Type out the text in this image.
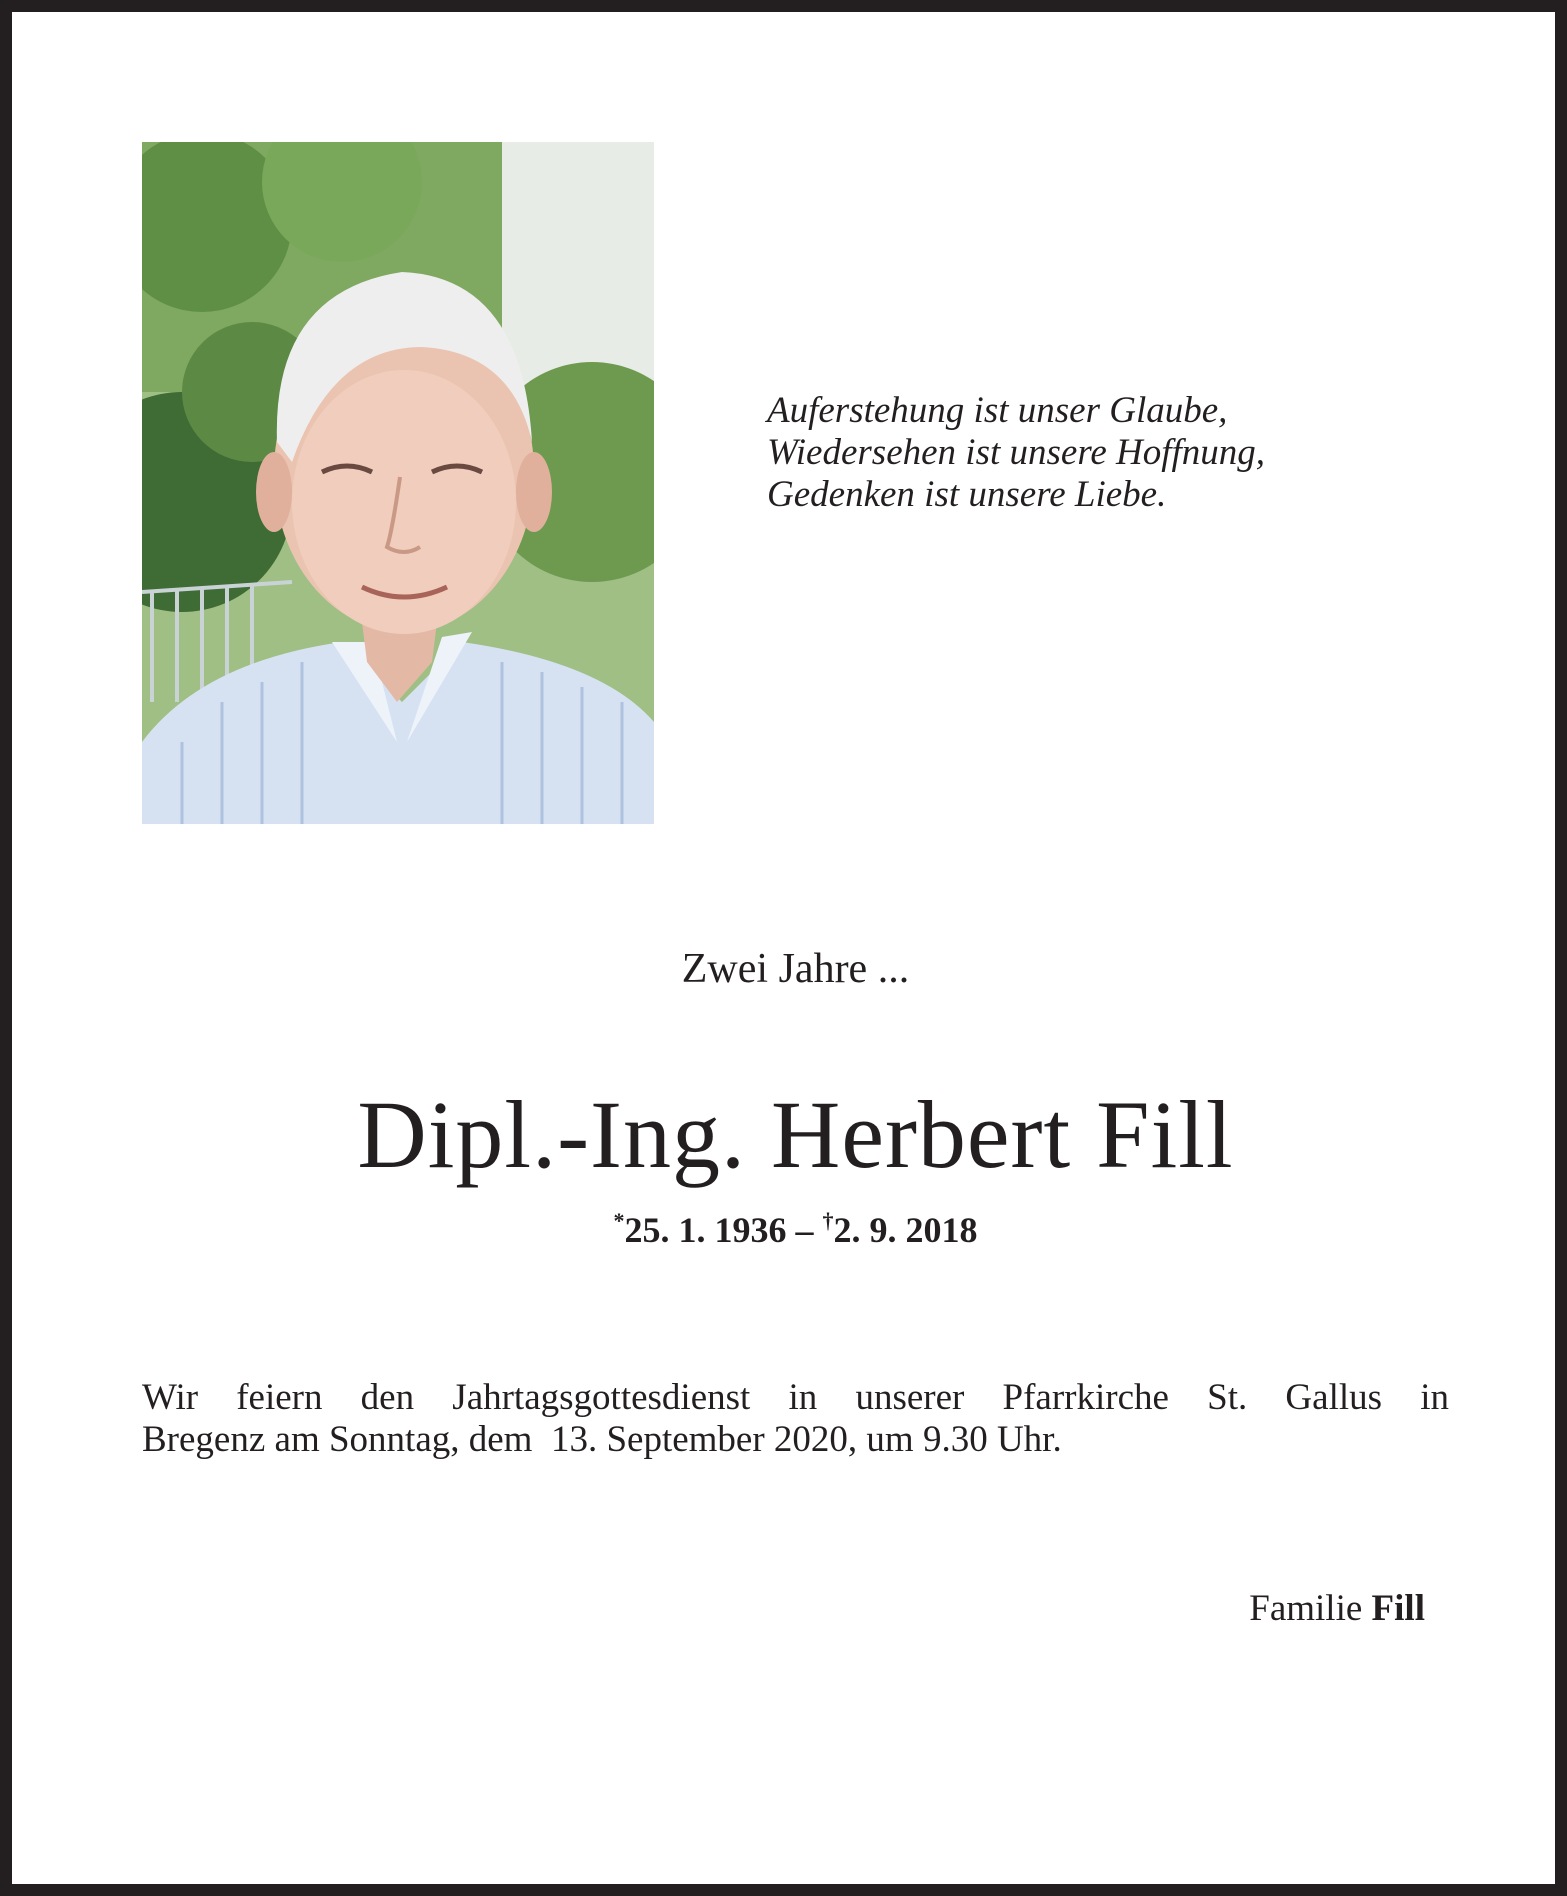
Auferstehung ist unser Glaube,
Wiedersehen ist unsere Hoffnung,
Gedenken ist unsere Liebe.
Zwei Jahre ...
Dipl.-Ing. Herbert Fill
*25. 1. 1936 – †2. 9. 2018
Wir feiern den Jahrtagsgottesdienst in unserer Pfarrkirche St. Gallus in
Bregenz am Sonntag, dem  13. September 2020, um 9.30 Uhr.
Familie Fill
